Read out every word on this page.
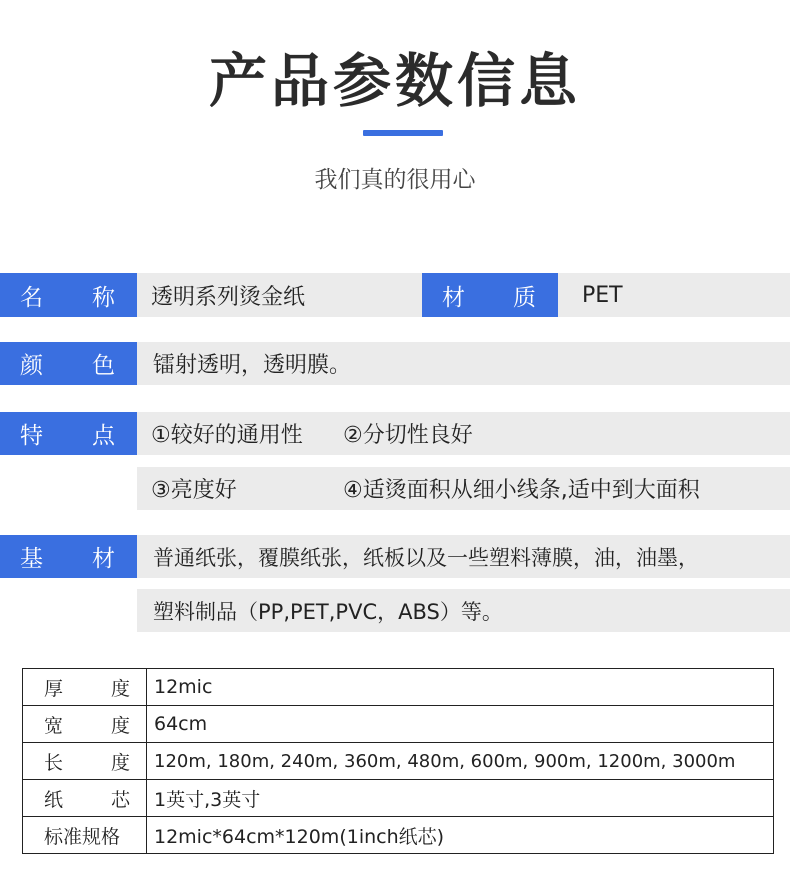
产品参数信息
我们真的很用心
名 称	透明系列烫金纸	材 质	PET
颜 色	镭射透明，透明膜。
特 点 ①较好的通用性	②分切性良好
③亮度好	④适烫面积从细小线条,适中到大面积
基 材	普通纸张，覆膜纸张，纸板以及一些塑料薄膜，油，油墨，
塑料制品（PP,PET,PVC，ABS）等。
厚 度	12mic

宽 度	64cm

长 度	120m, 180m, 240m, 360m, 480m, 600m, 900m, 1200m, 3000m

纸 芯	1英寸,3英寸

标准规格	12mic*64cm*120m(1inch纸芯)
